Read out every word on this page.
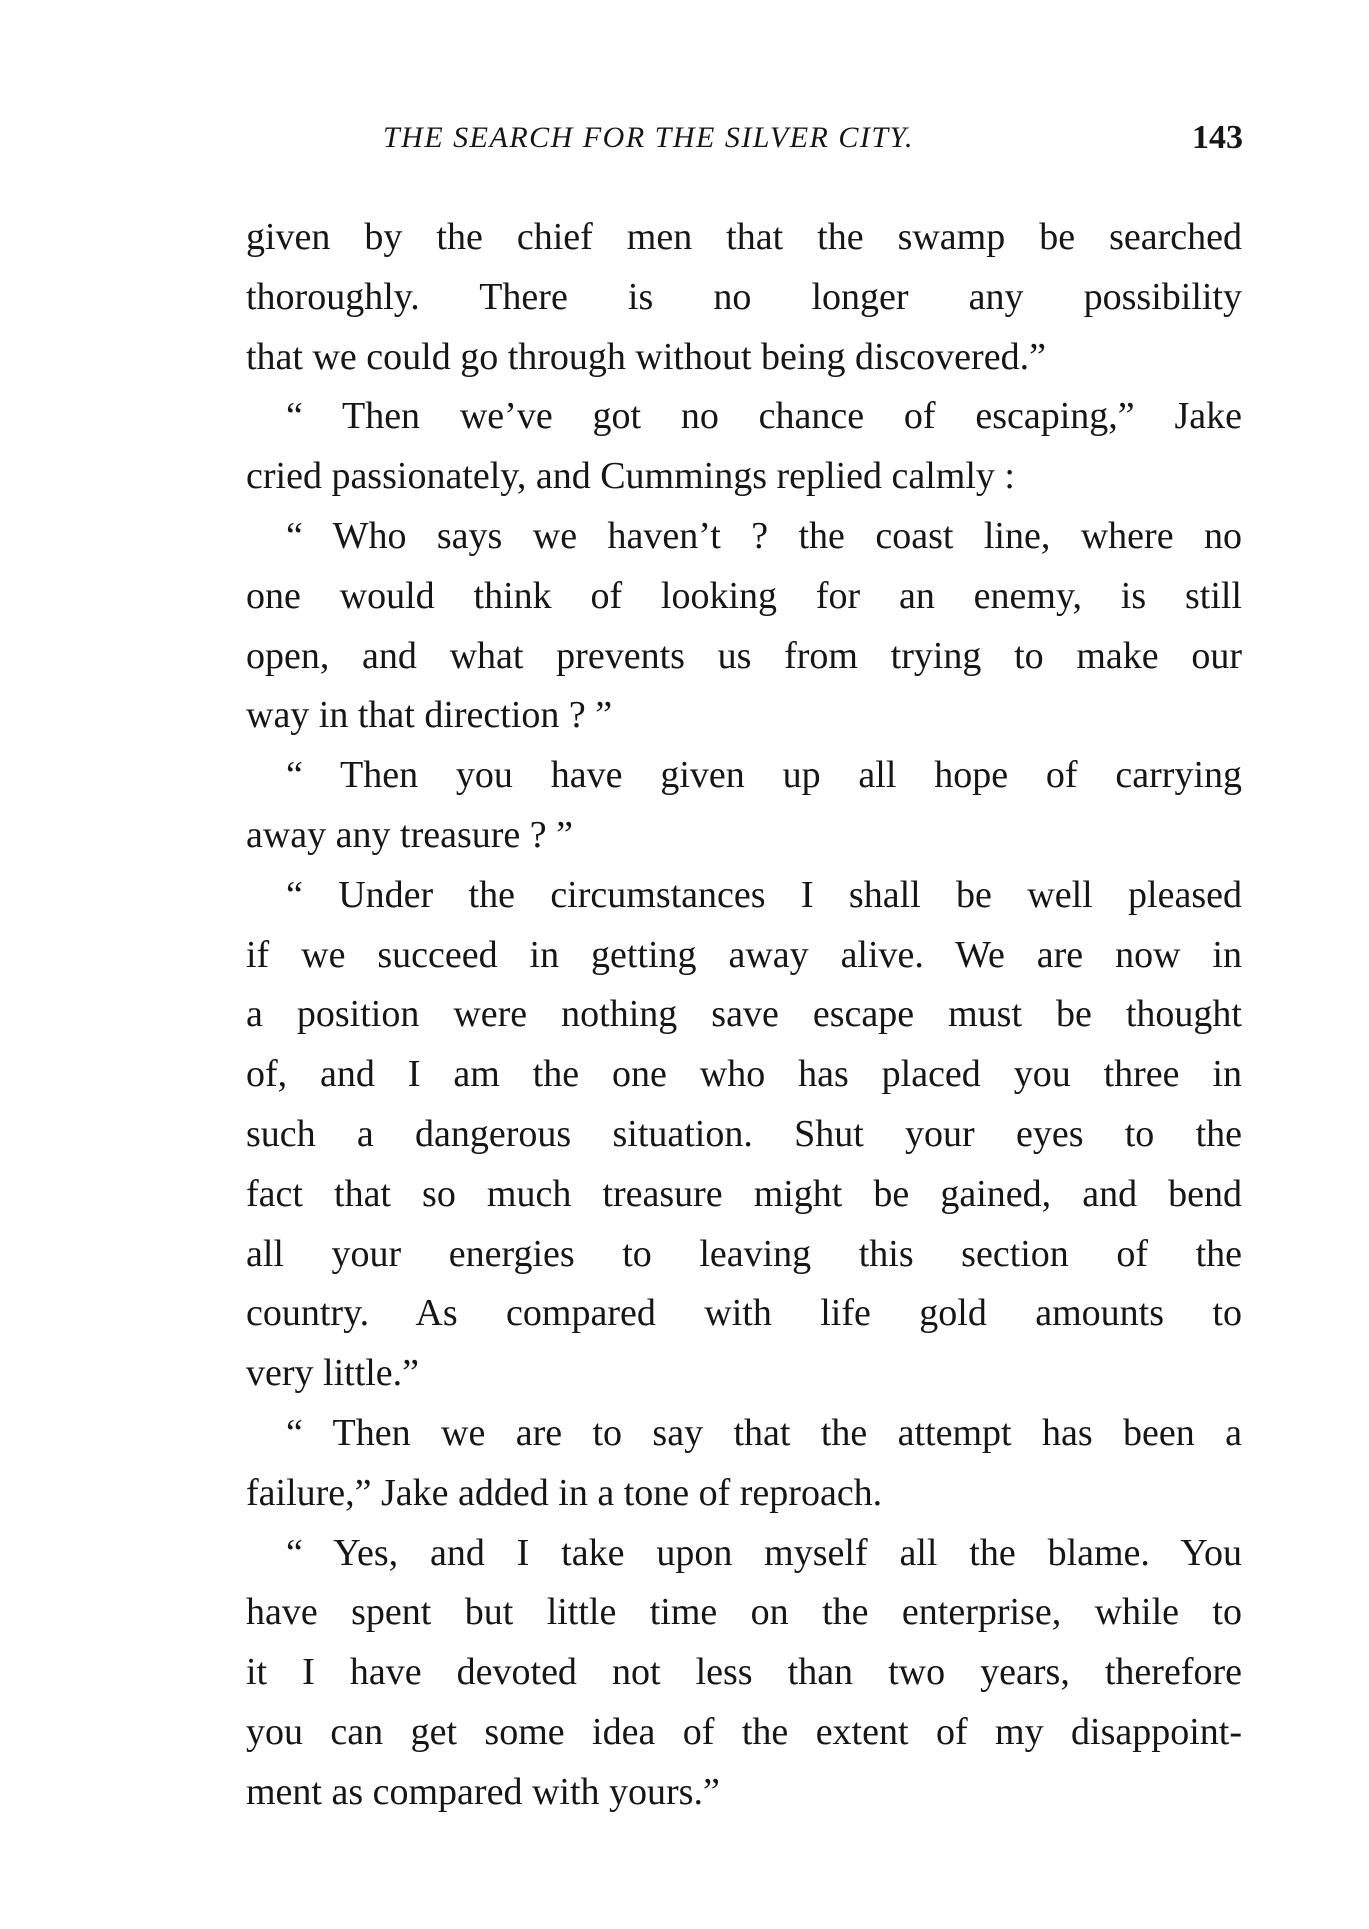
THE SEARCH FOR THE SILVER CITY.	143
given by the chief men that the swamp be searched
thoroughly. There is no longer any possibility
that we could go through without being discovered.”
“ Then we’ve got no chance of escaping,” Jake
cried passionately, and Cummings replied calmly :
“ Who says we haven’t ? the coast line, where no
one would think of looking for an enemy, is still
open, and what prevents us from trying to make our
way in that direction ? ”
“ Then you have given up all hope of carrying
away any treasure ? ”
“ Under the circumstances I shall be well pleased
if we succeed in getting away alive. We are now in
a position were nothing save escape must be thought
of, and I am the one who has placed you three in
such a dangerous situation. Shut your eyes to the
fact that so much treasure might be gained, and bend
all your energies to leaving this section of the
country. As compared with life gold amounts to
very little.”
“ Then we are to say that the attempt has been a
failure,” Jake added in a tone of reproach.
“ Yes, and I take upon myself all the blame. You
have spent but little time on the enterprise, while to
it I have devoted not less than two years, therefore
you can get some idea of the extent of my disappoint-
ment as compared with yours.”
